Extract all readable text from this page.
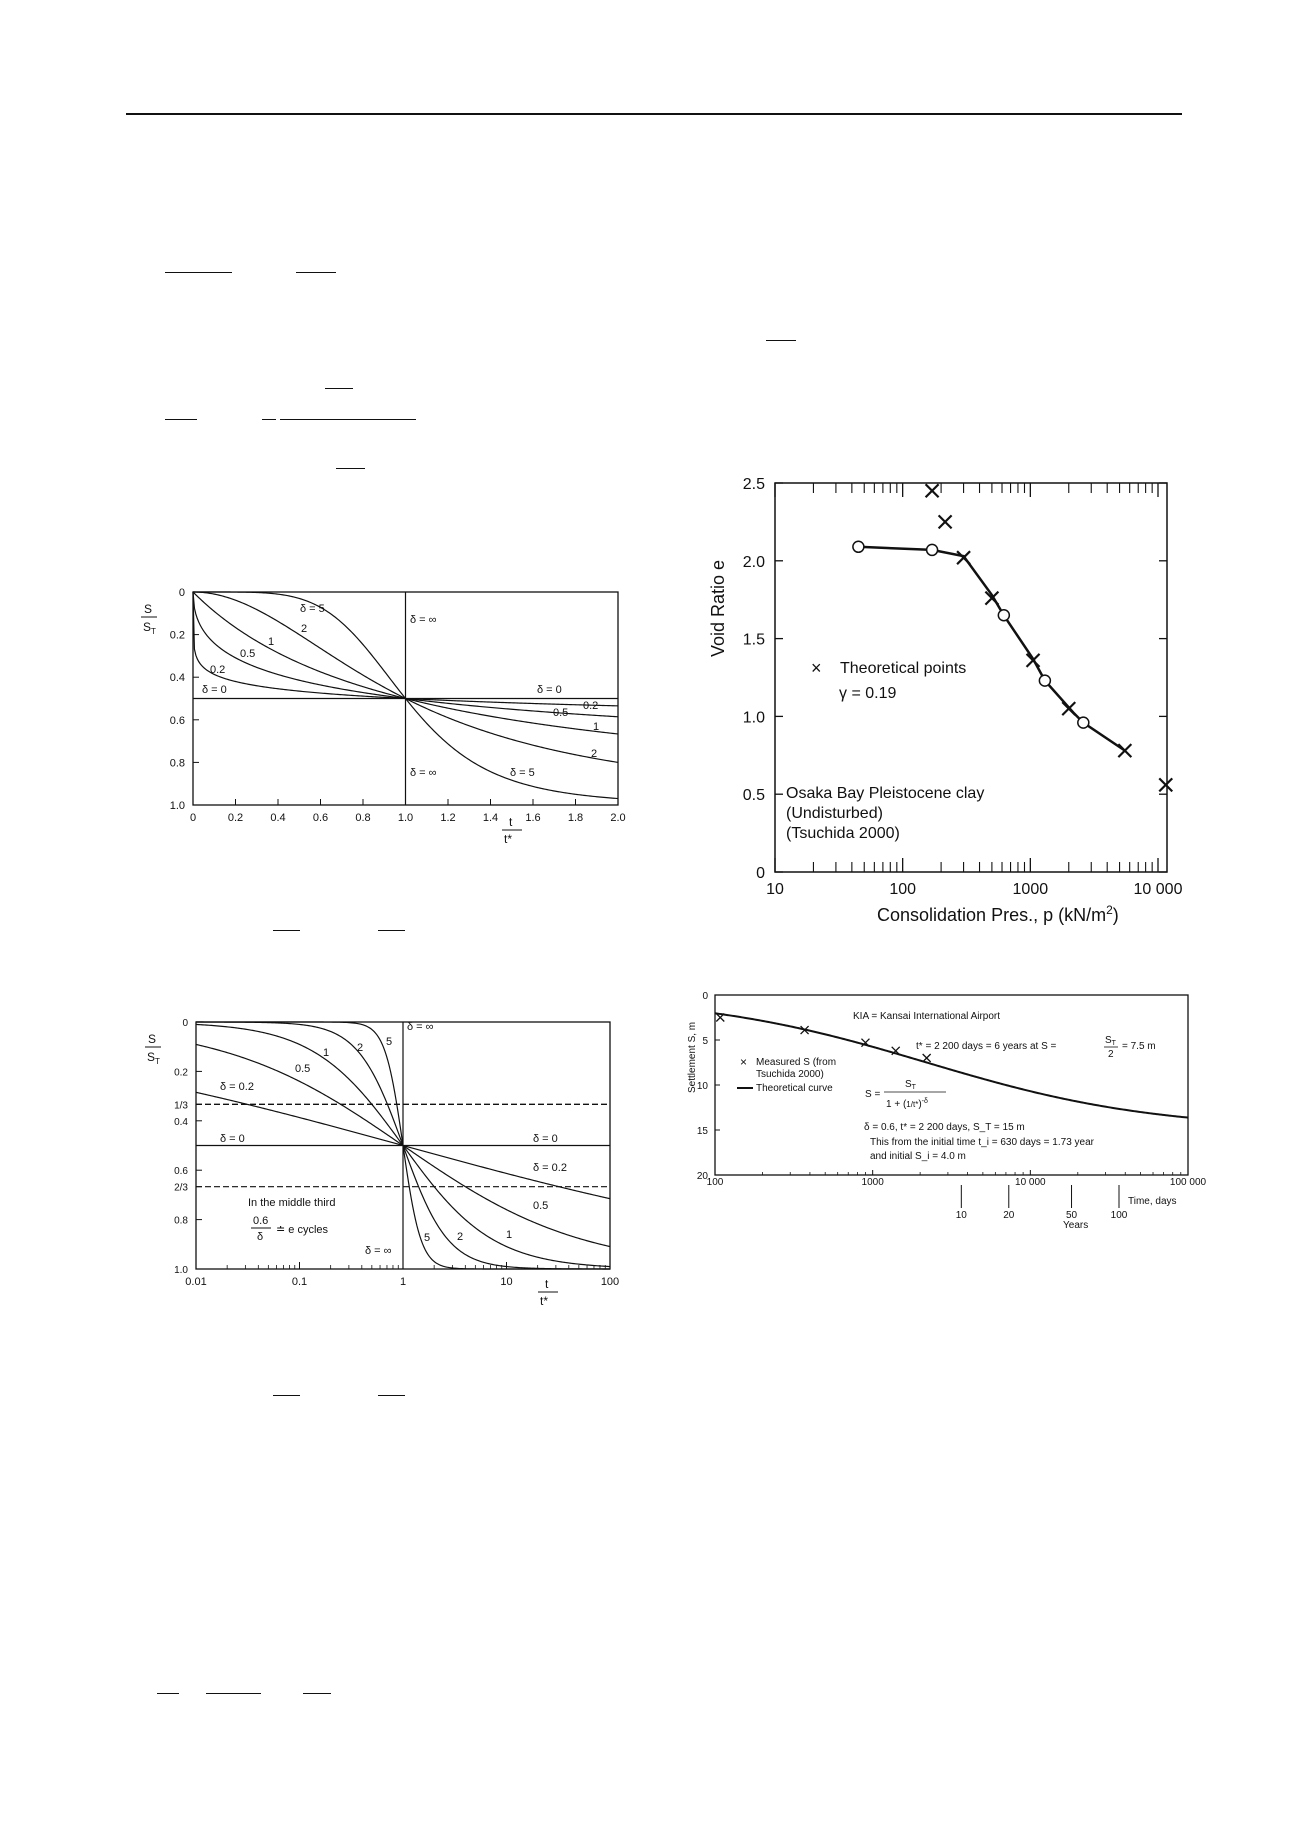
0	0.2 0.4 0.6 0.8 1.0 1.2 1.4 1.6 1.8 2.0
0
0.2
0.4
0.6
0.8
1.0
S
$S_T$
t
t*
δ = 5
2
1
0.5
0.2
δ = 0
δ = ∞
δ = 0
0.2
0.5
1
2
δ = 5
δ = ∞
0.01	0.1	1	10	100
0
0.2
1/3
0.4
0.6
2/3
0.8
1.0
S
$S_T$
t
t*
δ = 0.2
δ = 0
5
2
1
0.5
δ = ∞
δ = ∞
δ = 0
δ = 0.2
0.5
1
2
5
In the middle third
0.6
δ
≐ e cycles
10	100	1000	10 000
0
0.5
1.0
1.5
2.0
2.5
Void Ratio e
Consolidation Pres., p $(kN/m^2)$
× Theoretical points
γ = 0.19
Osaka Bay Pleistocene clay
(Undisturbed)
(Tsuchida 2000)
100	1000	10 000	100 000
10	20	50	100
0
5
10
15
20
Settlement S, m
KIA = Kansai International Airport
t* = 2 200 days = 6 years at S =
$S_T$
2
= 7.5 m
× Measured S (from
Tsuchida 2000)
Theoretical curve
S =
$S_T$
$1 + (1/t*)^{-\delta}$
δ = 0.6, t* = 2 200 days, S_T = 15 m
This from the initial time t_i = 630 days = 1.73 year
and initial S_i = 4.0 m
Time, days
Years
